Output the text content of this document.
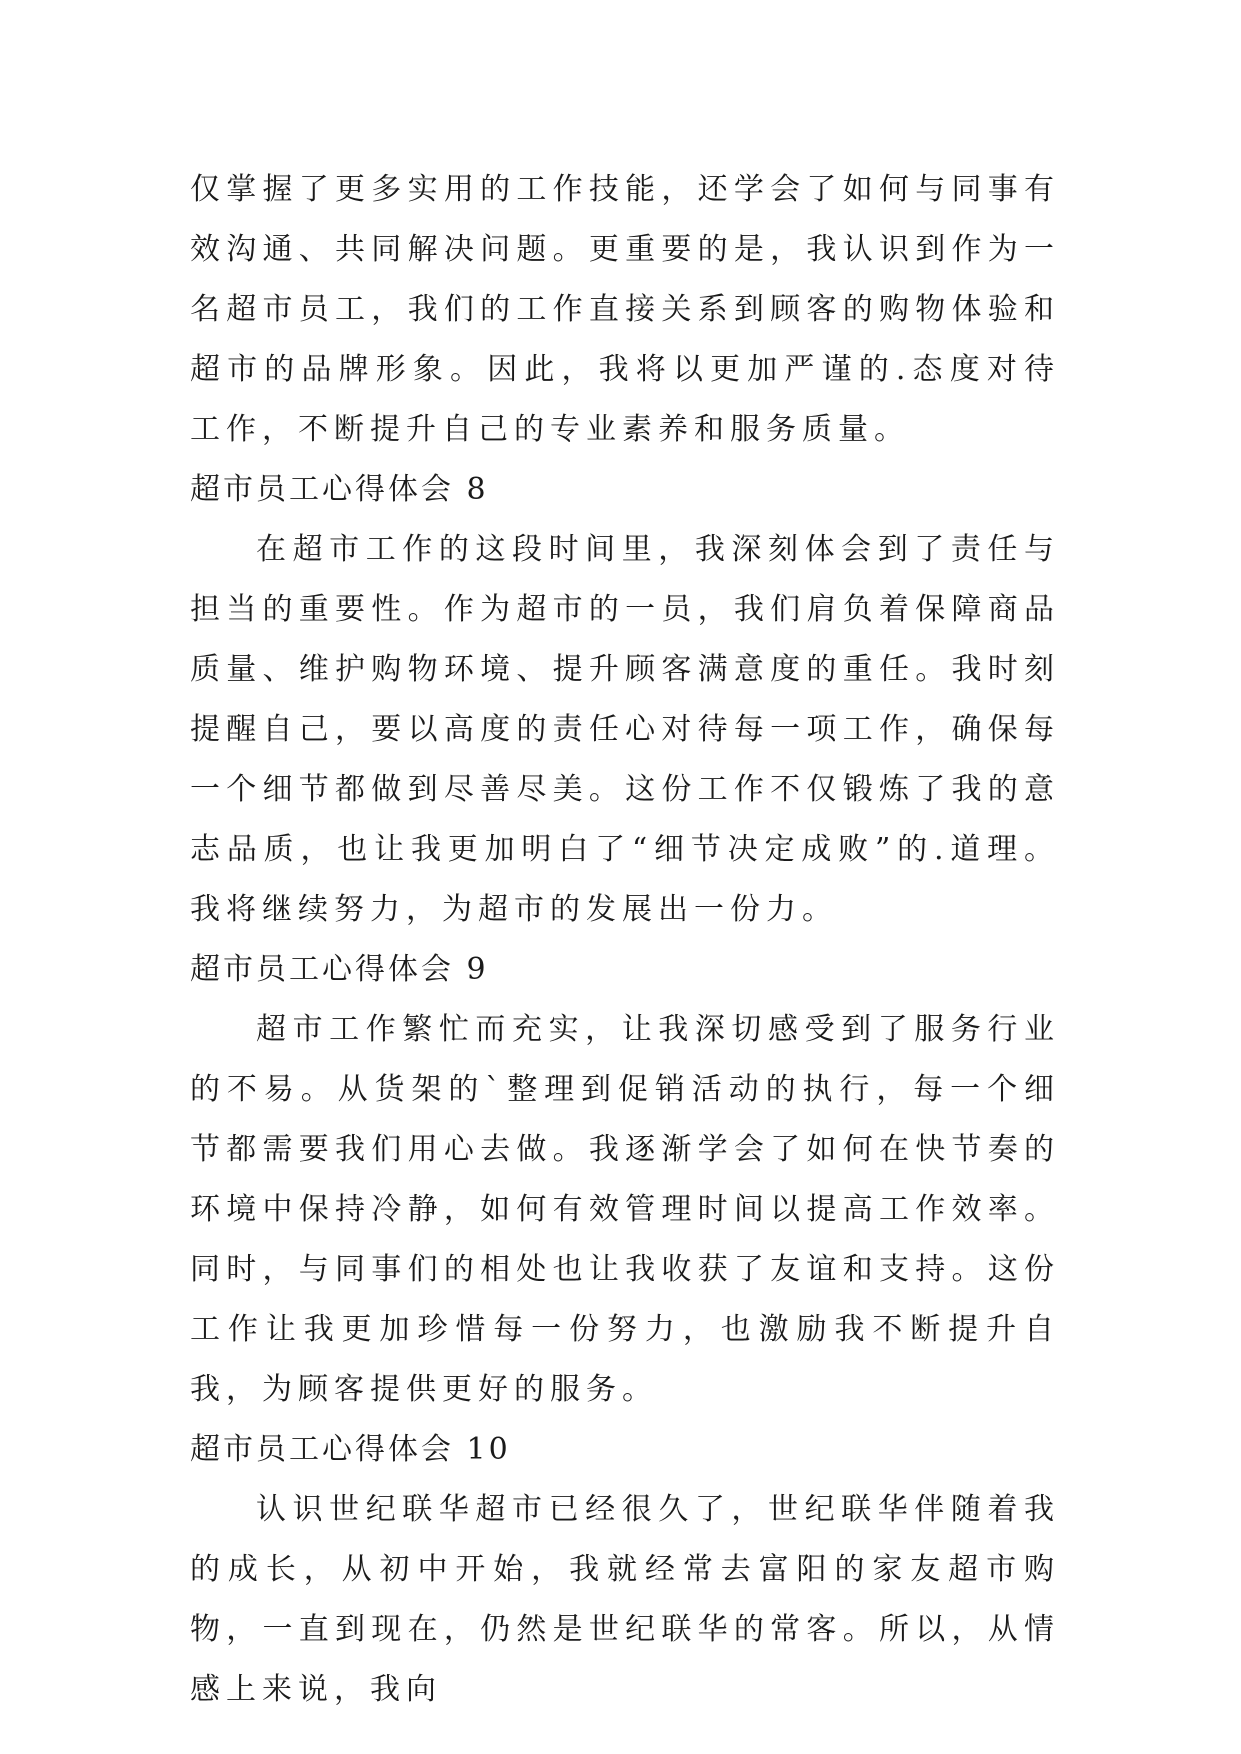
仅掌握了更多实用的工作技能，还学会了如何与同事有效沟通、共同解决问题。更重要的是，我认识到作为一名超市员工，我们的工作直接关系到顾客的购物体验和超市的品牌形象。因此，我将以更加严谨的.态度对待工作，不断提升自己的专业素养和服务质量。

超市员工心得体会 8

在超市工作的这段时间里，我深刻体会到了责任与担当的重要性。作为超市的一员，我们肩负着保障商品质量、维护购物环境、提升顾客满意度的重任。我时刻提醒自己，要以高度的责任心对待每一项工作，确保每一个细节都做到尽善尽美。这份工作不仅锻炼了我的意志品质，也让我更加明白了“细节决定成败”的.道理。我将继续努力，为超市的发展出一份力。

超市员工心得体会 9

超市工作繁忙而充实，让我深切感受到了服务行业的不易。从货架的`整理到促销活动的执行，每一个细节都需要我们用心去做。我逐渐学会了如何在快节奏的环境中保持冷静，如何有效管理时间以提高工作效率。同时，与同事们的相处也让我收获了友谊和支持。这份工作让我更加珍惜每一份努力，也激励我不断提升自我，为顾客提供更好的服务。

超市员工心得体会 10

认识世纪联华超市已经很久了，世纪联华伴随着我的成长，从初中开始，我就经常去富阳的家友超市购物，一直到现在，仍然是世纪联华的常客。所以，从情感上来说，我向
